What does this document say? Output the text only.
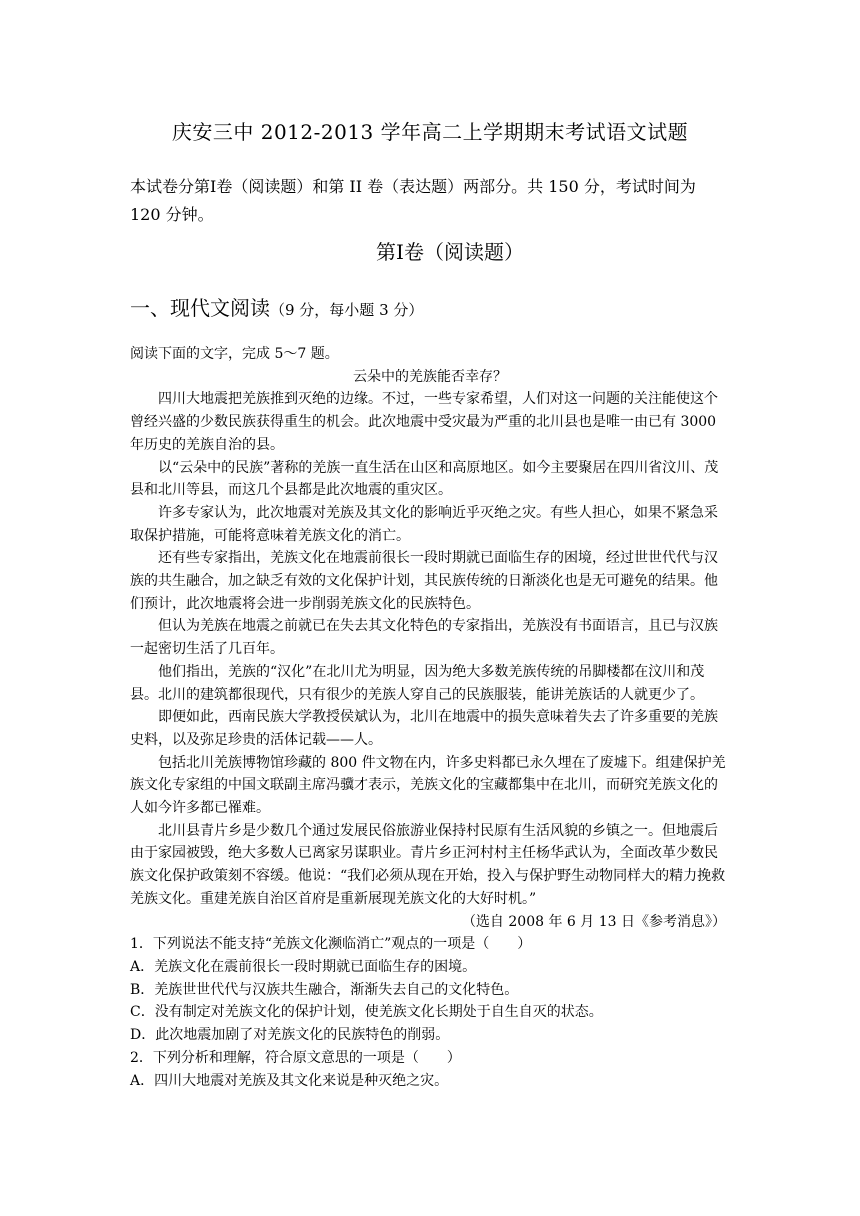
庆安三中 2012-2013 学年高二上学期期末考试语文试题
本试卷分第Ⅰ卷（阅读题）和第 II 卷（表达题）两部分。共 150 分，考试时间为 120 分钟。
第Ⅰ卷（阅读题）
一、现代文阅读（9 分，每小题 3 分）

阅读下面的文字，完成 5～7 题。

云朵中的羌族能否幸存？

四川大地震把羌族推到灭绝的边缘。不过，一些专家希望，人们对这一问题的关注能使这个曾经兴盛的少数民族获得重生的机会。此次地震中受灾最为严重的北川县也是唯一由已有 3000 年历史的羌族自治的县。

以“云朵中的民族”著称的羌族一直生活在山区和高原地区。如今主要聚居在四川省汶川、茂县和北川等县，而这几个县都是此次地震的重灾区。

许多专家认为，此次地震对羌族及其文化的影响近乎灭绝之灾。有些人担心，如果不紧急采取保护措施，可能将意味着羌族文化的消亡。

还有些专家指出，羌族文化在地震前很长一段时期就已面临生存的困境，经过世世代代与汉族的共生融合，加之缺乏有效的文化保护计划，其民族传统的日渐淡化也是无可避免的结果。他们预计，此次地震将会进一步削弱羌族文化的民族特色。

但认为羌族在地震之前就已在失去其文化特色的专家指出，羌族没有书面语言，且已与汉族一起密切生活了几百年。

他们指出，羌族的“汉化”在北川尤为明显，因为绝大多数羌族传统的吊脚楼都在汶川和茂县。北川的建筑都很现代，只有很少的羌族人穿自己的民族服装，能讲羌族话的人就更少了。

即便如此，西南民族大学教授侯斌认为，北川在地震中的损失意味着失去了许多重要的羌族史料，以及弥足珍贵的活体记载——人。

包括北川羌族博物馆珍藏的 800 件文物在内，许多史料都已永久埋在了废墟下。组建保护羌族文化专家组的中国文联副主席冯骥才表示，羌族文化的宝藏都集中在北川，而研究羌族文化的人如今许多都已罹难。

北川县青片乡是少数几个通过发展民俗旅游业保持村民原有生活风貌的乡镇之一。但地震后由于家园被毁，绝大多数人已离家另谋职业。青片乡正河村村主任杨华武认为，全面改革少数民族文化保护政策刻不容缓。他说：“我们必须从现在开始，投入与保护野生动物同样大的精力挽救羌族文化。重建羌族自治区首府是重新展现羌族文化的大好时机。”

（选自 2008 年 6 月 13 日《参考消息》）

1．下列说法不能支持“羌族文化濒临消亡”观点的一项是（　　）

A．羌族文化在震前很长一段时期就已面临生存的困境。

B．羌族世世代代与汉族共生融合，渐渐失去自己的文化特色。

C．没有制定对羌族文化的保护计划，使羌族文化长期处于自生自灭的状态。

D．此次地震加剧了对羌族文化的民族特色的削弱。

2．下列分析和理解，符合原文意思的一项是（　　）

A．四川大地震对羌族及其文化来说是种灭绝之灾。
